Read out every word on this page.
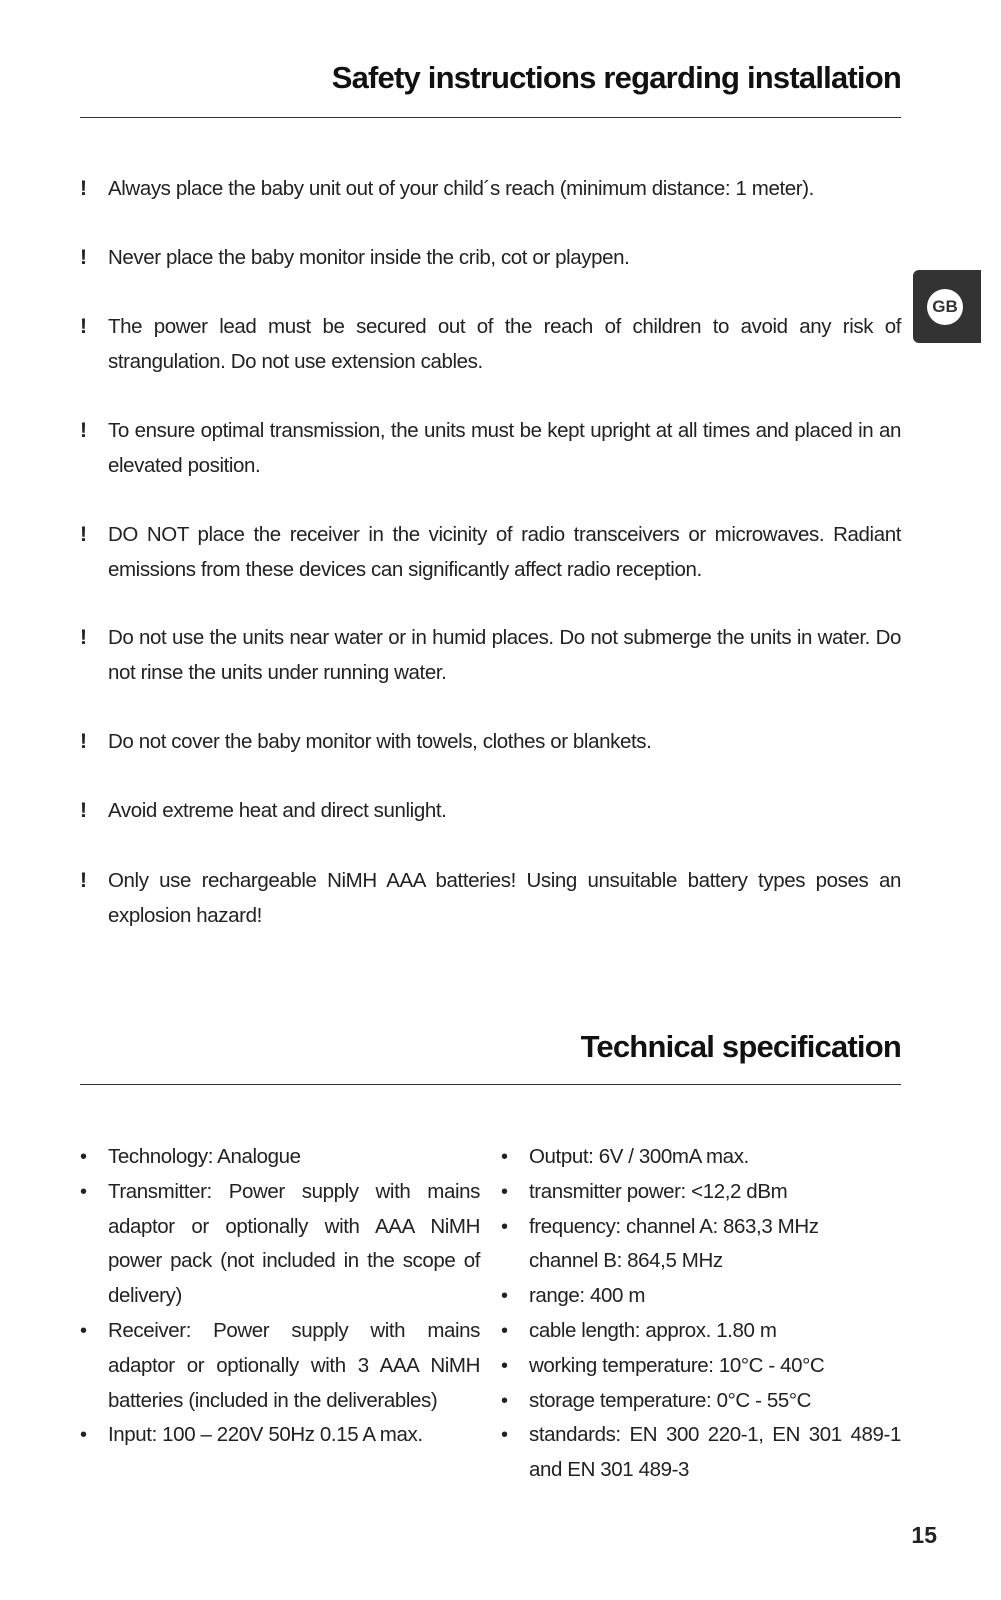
Safety instructions regarding installation
!	Always place the baby unit out of your child´s reach (minimum distance: 1 meter).
!	Never place the baby monitor inside the crib, cot or playpen.
!	The power lead must be secured out of the reach of children to avoid any risk of strangulation. Do not use extension cables.
!	To ensure optimal transmission, the units must be kept upright at all times and placed in an elevated position.
!	DO NOT place the receiver in the vicinity of radio transceivers or microwaves. Radiant emissions from these devices can significantly affect radio reception.
!	Do not use the units near water or in humid places. Do not submerge the units in water. Do not rinse the units under running water.
!	Do not cover the baby monitor with towels, clothes or blankets.
!	Avoid extreme heat and direct sunlight.
!	Only use rechargeable NiMH AAA batteries! Using unsuitable battery types poses an explosion hazard!
Technical specification
• Technology: Analogue
• Transmitter: Power supply with mains adaptor or optionally with AAA NiMH power pack (not included in the scope of delivery)
• Receiver: Power supply with mains adaptor or optionally with 3 AAA NiMH batteries (included in the deliverables)
• Input: 100 – 220V 50Hz 0.15 A max.
• Output: 6V / 300mA max.
• transmitter power: <12,2 dBm
• frequency: channel A: 863,3 MHz
channel B: 864,5 MHz
• range: 400 m
• cable length: approx. 1.80 m
• working temperature: 10°C - 40°C
• storage temperature: 0°C - 55°C
• standards: EN 300 220-1, EN 301 489-1 and EN 301 489-3
GB
15
